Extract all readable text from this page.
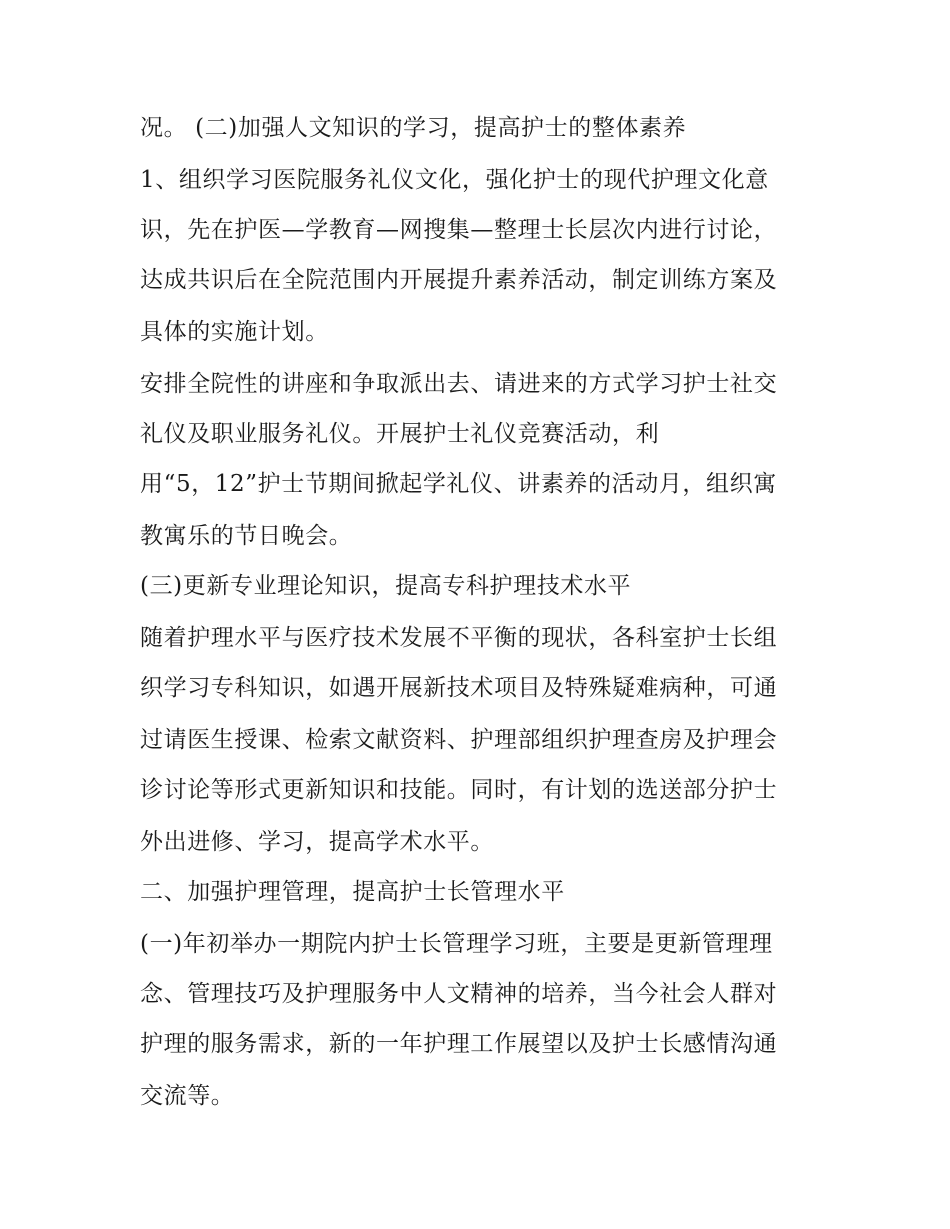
况。 (二)加强人文知识的学习，提高护士的整体素养

1、组织学习医院服务礼仪文化，强化护士的现代护理文化意

识，先在护医—学教育—网搜集—整理士长层次内进行讨论，

达成共识后在全院范围内开展提升素养活动，制定训练方案及

具体的实施计划。

安排全院性的讲座和争取派出去、请进来的方式学习护士社交

礼仪及职业服务礼仪。开展护士礼仪竞赛活动，利

用“5，12”护士节期间掀起学礼仪、讲素养的活动月，组织寓

教寓乐的节日晚会。

(三)更新专业理论知识，提高专科护理技术水平

随着护理水平与医疗技术发展不平衡的现状，各科室护士长组

织学习专科知识，如遇开展新技术项目及特殊疑难病种，可通

过请医生授课、检索文献资料、护理部组织护理查房及护理会

诊讨论等形式更新知识和技能。同时，有计划的选送部分护士

外出进修、学习，提高学术水平。

二、加强护理管理，提高护士长管理水平

(一)年初举办一期院内护士长管理学习班，主要是更新管理理

念、管理技巧及护理服务中人文精神的培养，当今社会人群对

护理的服务需求，新的一年护理工作展望以及护士长感情沟通

交流等。
